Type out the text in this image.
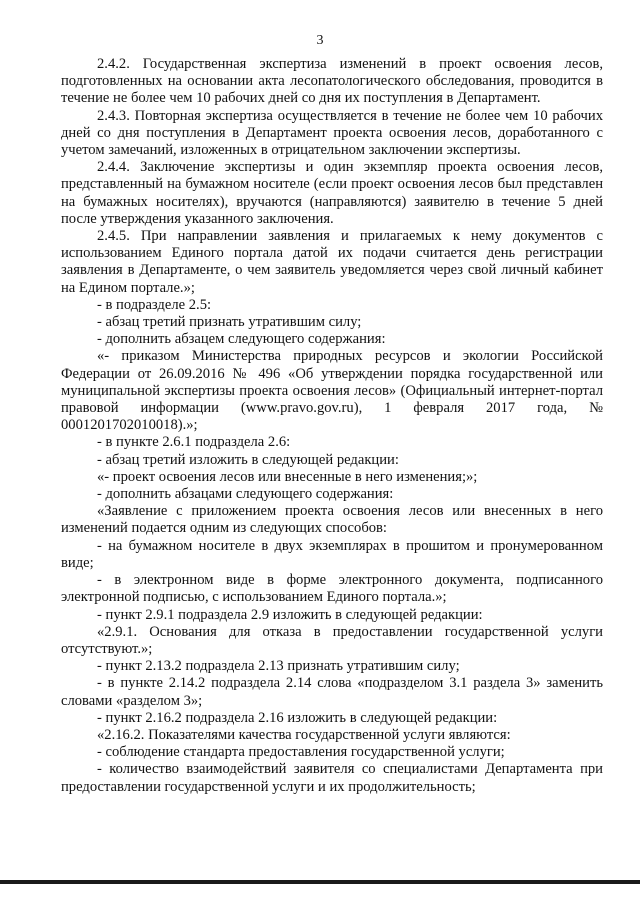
3

2.4.2. Государственная экспертиза изменений в проект освоения лесов, подготовленных на основании акта лесопатологического обследования, проводится в течение не более чем 10 рабочих дней со дня их поступления в Департамент.

2.4.3. Повторная экспертиза осуществляется в течение не более чем 10 рабочих дней со дня поступления в Департамент проекта освоения лесов, доработанного с учетом замечаний, изложенных в отрицательном заключении экспертизы.

2.4.4. Заключение экспертизы и один экземпляр проекта освоения лесов, представленный на бумажном носителе (если проект освоения лесов был представлен на бумажных носителях), вручаются (направляются) заявителю в течение 5 дней после утверждения указанного заключения.

2.4.5. При направлении заявления и прилагаемых к нему документов с использованием Единого портала датой их подачи считается день регистрации заявления в Департаменте, о чем заявитель уведомляется через свой личный кабинет на Едином портале.»;

- в подразделе 2.5:

- абзац третий признать утратившим силу;

- дополнить абзацем следующего содержания:

«- приказом Министерства природных ресурсов и экологии Российской Федерации от 26.09.2016 № 496 «Об утверждении порядка государственной или муниципальной экспертизы проекта освоения лесов» (Официальный интернет-портал правовой информации (www.pravo.gov.ru), 1 февраля 2017 года, № 0001201702010018).»;

- в пункте 2.6.1 подраздела 2.6:

- абзац третий изложить в следующей редакции:

«- проект освоения лесов или внесенные в него изменения;»;

- дополнить абзацами следующего содержания:

«Заявление с приложением проекта освоения лесов или внесенных в него изменений подается одним из следующих способов:

- на бумажном носителе в двух экземплярах в прошитом и пронумерованном виде;

- в электронном виде в форме электронного документа, подписанного электронной подписью, с использованием Единого портала.»;

- пункт 2.9.1 подраздела 2.9 изложить в следующей редакции:

«2.9.1. Основания для отказа в предоставлении государственной услуги отсутствуют.»;

- пункт 2.13.2 подраздела 2.13 признать утратившим силу;

- в пункте 2.14.2 подраздела 2.14 слова «подразделом 3.1 раздела 3» заменить словами «разделом 3»;

- пункт 2.16.2 подраздела 2.16 изложить в следующей редакции:

«2.16.2. Показателями качества государственной услуги являются:

- соблюдение стандарта предоставления государственной услуги;

- количество взаимодействий заявителя со специалистами Департамента при предоставлении государственной услуги и их продолжительность;
